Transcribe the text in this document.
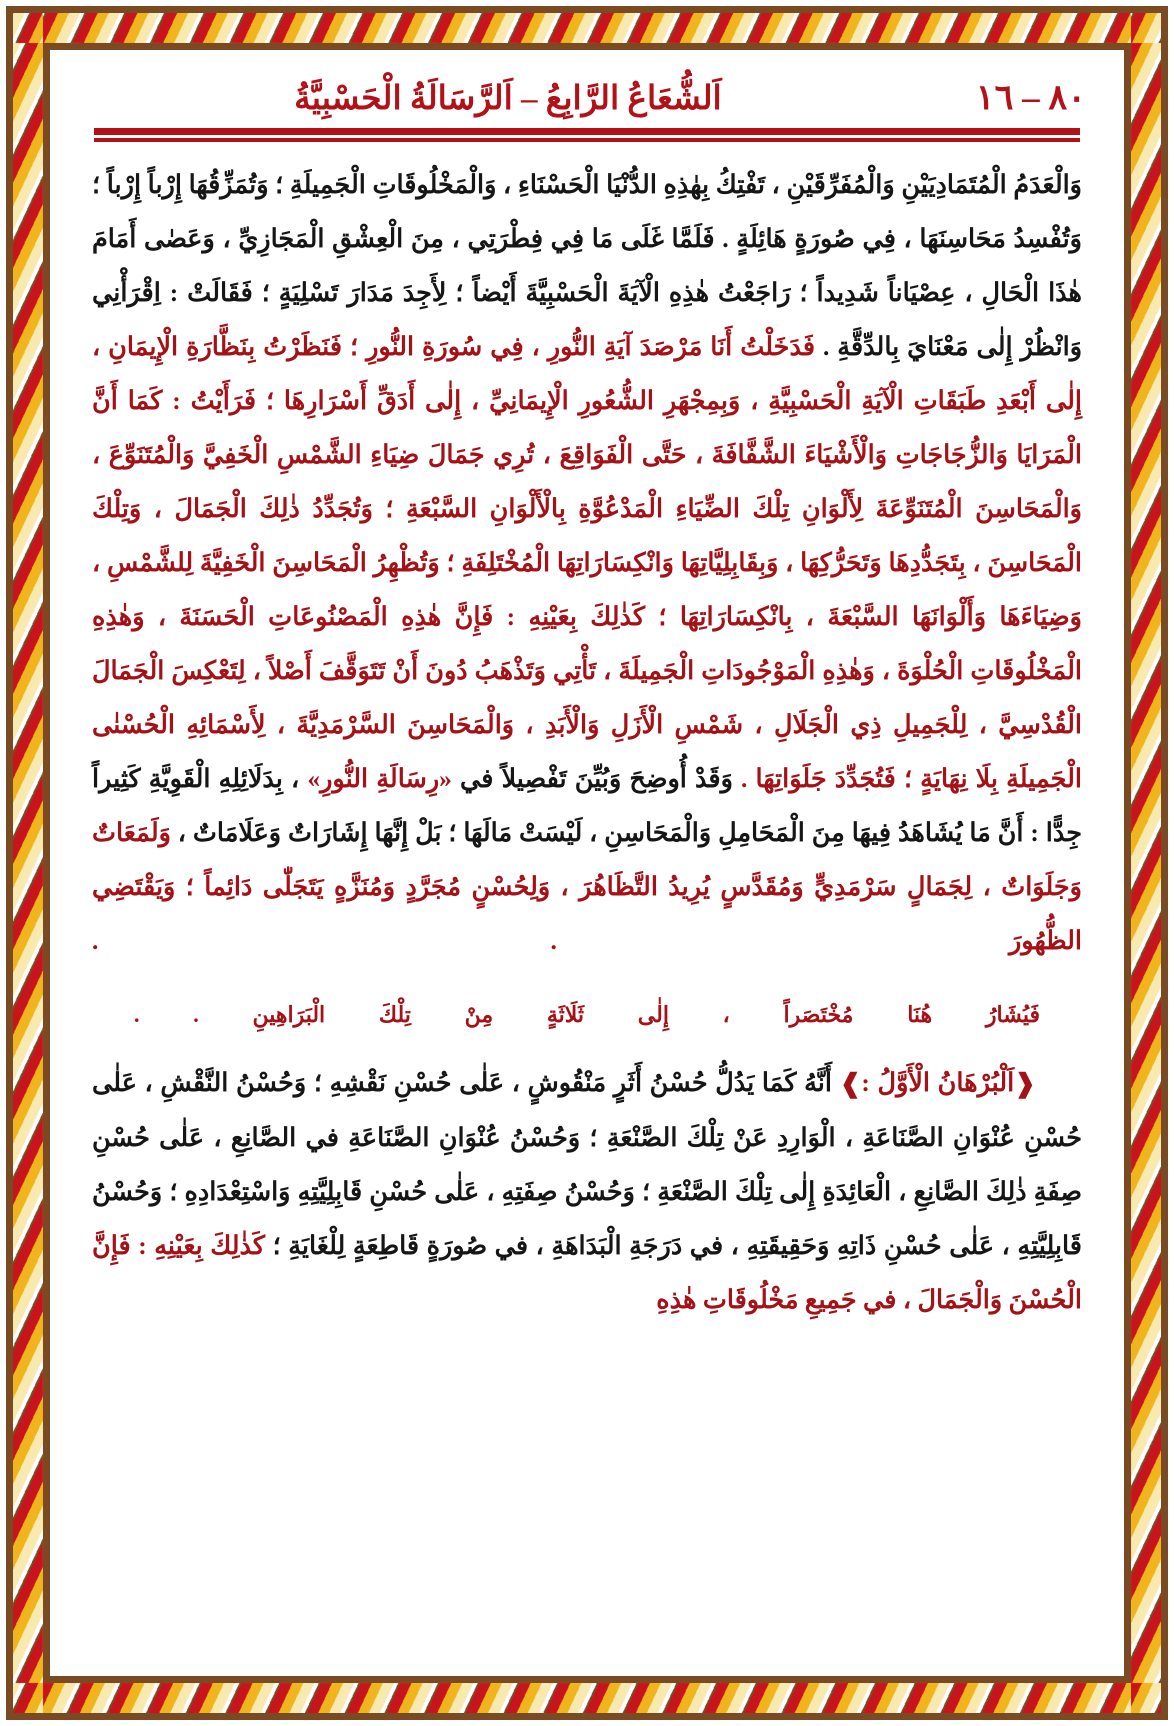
٨٠ – ١٦
اَلشُّعَاعُ الرَّابِعُ – اَلرَّسَالَةُ الْحَسْبِيَّةُ

وَالْعَدَمُ الْمُتَمَادِيَيْنِ وَالْمُفَرِّقَيْنِ ، تَفْتِكُ بِهٰذِهِ الدُّنْيَا الْحَسْنَاءِ ، وَالْمَخْلُوقَاتِ الْجَمِيلَةِ ؛ وَتُمَزِّقُهَا إِرْباً إِرْباً ؛ وَتُفْسِدُ مَحَاسِنَهَا ، فِي صُورَةٍ هَائِلَةٍ . فَلَمَّا غَلَى مَا فِي فِطْرَتِي ، مِنَ الْعِشْقِ الْمَجَازِيِّ ، وَعَصٰى أَمَامَ هٰذَا الْحَالِ ، عِصْيَاناً شَدِيداً ؛ رَاجَعْتُ هٰذِهِ الْآيَةَ الْحَسْبِيَّةَ أَيْضاً ؛ لِأَجِدَ مَدَارَ تَسْلِيَةٍ ؛ فَقَالَتْ : اِقْرَأْنِي وَانْظُرْ إِلٰى مَعْنَايَ بِالدِّقَّةِ . فَدَخَلْتُ أَنَا مَرْصَدَ آيَةِ النُّورِ ، فِي سُورَةِ النُّورِ ؛ فَنَظَرْتُ بِنَظَّارَةِ الْإِيمَانِ ، إِلٰى أَبْعَدِ طَبَقَاتِ الْآيَةِ الْحَسْبِيَّةِ ، وَبِمِجْهَرِ الشُّعُورِ الْإِيمَانِيِّ ، إِلٰى أَدَقِّ أَسْرَارِهَا ؛ فَرَأَيْتُ : كَمَا أَنَّ الْمَرَايَا وَالزُّجَاجَاتِ وَالْأَشْيَاءَ الشَّفَّافَةَ ، حَتَّى الْفَوَاقِعَ ، تُرِي جَمَالَ ضِيَاءِ الشَّمْسِ الْخَفِيَّ وَالْمُتَنَوِّعَ ، وَالْمَحَاسِنَ الْمُتَنَوِّعَةَ لِأَلْوَانِ تِلْكَ الضِّيَاءِ الْمَدْعُوَّةِ بِالْأَلْوَانِ السَّبْعَةِ ؛ وَتُجَدِّدُ ذٰلِكَ الْجَمَالَ ، وَتِلْكَ الْمَحَاسِنَ ، بِتَجَدُّدِهَا وَتَحَرُّكِهَا ، وَبِقَابِلِيَّاتِهَا وَانْكِسَارَاتِهَا الْمُخْتَلِفَةِ ؛ وَتُظْهِرُ الْمَحَاسِنَ الْخَفِيَّةَ لِلشَّمْسِ ، وَضِيَاءَهَا وَأَلْوَانَهَا السَّبْعَةَ ، بِانْكِسَارَاتِهَا ؛ كَذٰلِكَ بِعَيْنِهِ : فَإِنَّ هٰذِهِ الْمَصْنُوعَاتِ الْحَسَنَةَ ، وَهٰذِهِ الْمَخْلُوقَاتِ الْحُلْوَةَ ، وَهٰذِهِ الْمَوْجُودَاتِ الْجَمِيلَةَ ، تَأْتِي وَتَذْهَبُ دُونَ أَنْ تَتَوَقَّفَ أَصْلاً ، لِتَعْكِسَ الْجَمَالَ الْقُدْسِيَّ ، لِلْجَمِيلِ ذِي الْجَلَالِ ، شَمْسِ الْأَزَلِ وَالْأَبَدِ ، وَالْمَحَاسِنَ السَّرْمَدِيَّةَ ، لِأَسْمَائِهِ الْحُسْنٰى الْجَمِيلَةِ بِلَا نِهَايَةٍ ؛ فَتُجَدِّدَ جَلَوَاتِهَا . وَقَدْ أُوضِحَ وَبُيِّنَ تَفْصِيلاً في «رِسَالَةِ النُّورِ» ، بِدَلَائِلِهِ الْقَوِيَّةِ كَثِيراً جِدًّا : أَنَّ مَا يُشَاهَدُ فِيهَا مِنَ الْمَحَامِلِ وَالْمَحَاسِنِ ، لَيْسَتْ مَالَهَا ؛ بَلْ إِنَّهَا إِشَارَاتٌ وَعَلَامَاتٌ ، وَلَمَعَاتٌ وَجَلَوَاتٌ ، لِجَمَالٍ سَرْمَدِيٍّ وَمُقَدَّسٍ يُرِيدُ التَّظَاهُرَ ، وَلِحُسْنٍ مُجَرَّدٍ وَمُنَزَّهٍ يَتَجَلّٰى دَائِماً ؛ وَيَقْتَضِي الظُّهُورَ . .

فَيُشَارُ هُنَا مُخْتَصَراً ، إِلٰى ثَلَاثَةٍ مِنْ تِلْكَ الْبَرَاهِينِ . .

❰اَلْبُرْهَانُ الْأَوَّلُ :❱ أَنَّهُ كَمَا يَدُلُّ حُسْنُ أَثَرٍ مَنْقُوشٍ ، عَلٰى حُسْنِ نَقْشِهِ ؛ وَحُسْنُ النَّقْشِ ، عَلٰى حُسْنِ عُنْوَانِ الصَّنَاعَةِ ، الْوَارِدِ عَنْ تِلْكَ الصَّنْعَةِ ؛ وَحُسْنُ عُنْوَانِ الصَّنَاعَةِ في الصَّانِعِ ، عَلٰى حُسْنِ صِفَةِ ذٰلِكَ الصَّانِعِ ، الْعَائِدَةِ إِلٰى تِلْكَ الصَّنْعَةِ ؛ وَحُسْنُ صِفَتِهِ ، عَلٰى حُسْنِ قَابِلِيَّتِهِ وَاسْتِعْدَادِهِ ؛ وَحُسْنُ قَابِلِيَّتِهِ ، عَلٰى حُسْنِ ذَاتِهِ وَحَقِيقَتِهِ ، في دَرَجَةِ الْبَدَاهَةِ ، في صُورَةٍ قَاطِعَةٍ لِلْغَايَةِ ؛ كَذٰلِكَ بِعَيْنِهِ : فَإِنَّ الْحُسْنَ وَالْجَمَالَ ، في جَمِيعِ مَخْلُوقَاتِ هٰذِهِ
